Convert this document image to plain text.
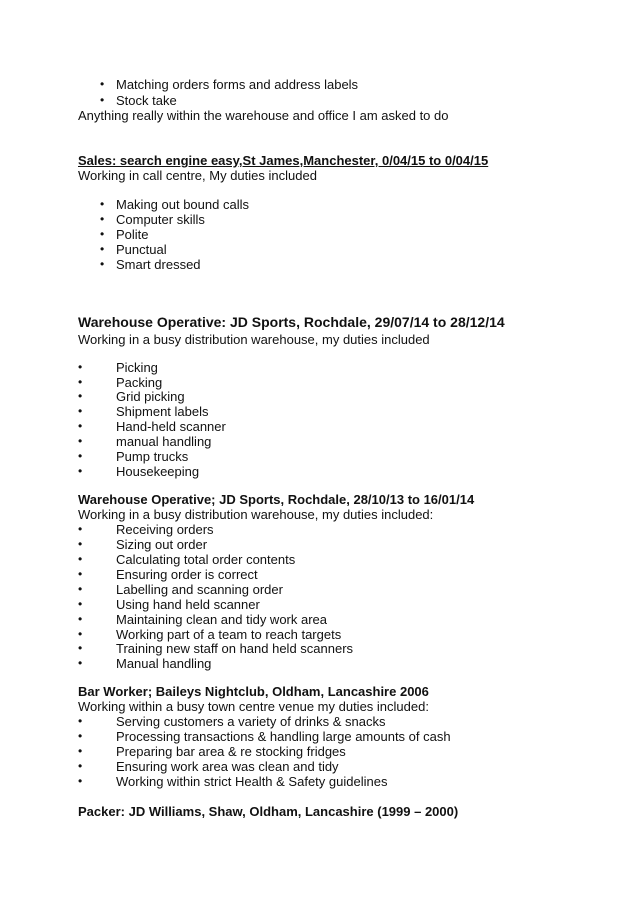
• Matching orders forms and address labels
• Stock take
Anything really within the warehouse and office I am asked to do
Sales: search engine easy,St James,Manchester, 0/04/15 to 0/04/15
Working in call centre, My duties included
• Making out bound calls
• Computer skills
• Polite
• Punctual
• Smart dressed
Warehouse Operative: JD Sports, Rochdale, 29/07/14 to 28/12/14
Working in a busy distribution warehouse, my duties included
•	Picking
•	Packing
•	Grid picking
•	Shipment labels
•	Hand-held scanner
•	manual handling
•	Pump trucks
•	Housekeeping
Warehouse Operative; JD Sports, Rochdale, 28/10/13 to 16/01/14
Working in a busy distribution warehouse, my duties included:
•	Receiving orders
•	Sizing out order
•	Calculating total order contents
•	Ensuring order is correct
•	Labelling and scanning order
•	Using hand held scanner
•	Maintaining clean and tidy work area
•	Working part of a team to reach targets
•	Training new staff on hand held scanners
•	Manual handling
Bar Worker; Baileys Nightclub, Oldham, Lancashire 2006
Working within a busy town centre venue my duties included:
•	Serving customers a variety of drinks & snacks
•	Processing transactions & handling large amounts of cash
•	Preparing bar area & re stocking fridges
•	Ensuring work area was clean and tidy
•	Working within strict Health & Safety guidelines
Packer: JD Williams, Shaw, Oldham, Lancashire (1999 – 2000)
